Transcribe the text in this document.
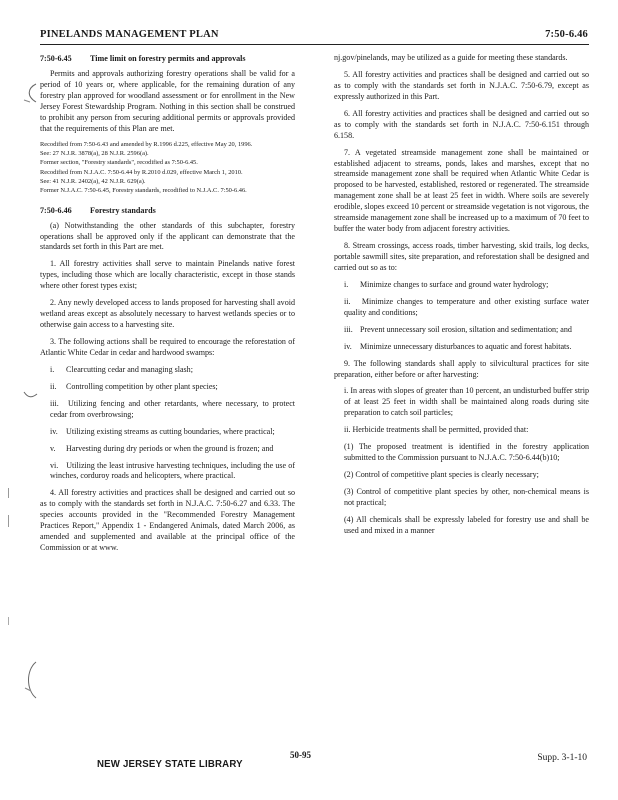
PINELANDS MANAGEMENT PLAN	7:50-6.46
7:50-6.45 Time limit on forestry permits and approvals

Permits and approvals authorizing forestry operations shall be valid for a period of 10 years or, where applicable, for the remaining duration of any forestry plan approved for woodland assessment or for enrollment in the New Jersey Forest Stewardship Program. Nothing in this section shall be construed to prohibit any person from securing additional permits or approvals provided that the requirements of this Plan are met.

Recodified from 7:50-6.43 and amended by R.1996 d.225, effective May 20, 1996.
See: 27 N.J.R. 3878(a), 28 N.J.R. 2596(a).
Former section, "Forestry standards", recodified as 7:50-6.45.
Recodified from N.J.A.C. 7:50-6.44 by R.2010 d.029, effective March 1, 2010.
See: 41 N.J.R. 2402(a), 42 N.J.R. 629(a).
Former N.J.A.C. 7:50-6.45, Forestry standards, recodified to N.J.A.C. 7:50-6.46.
7:50-6.46 Forestry standards

(a) Notwithstanding the other standards of this subchapter, forestry operations shall be approved only if the applicant can demonstrate that the standards set forth in this Part are met.

1. All forestry activities shall serve to maintain Pinelands native forest types, including those which are locally characteristic, except in those stands where other forest types exist;

2. Any newly developed access to lands proposed for harvesting shall avoid wetland areas except as absolutely necessary to harvest wetlands species or to otherwise gain access to a harvesting site.

3. The following actions shall be required to encourage the reforestation of Atlantic White Cedar in cedar and hardwood swamps:

i. Clearcutting cedar and managing slash;

ii. Controlling competition by other plant species;

iii. Utilizing fencing and other retardants, where necessary, to protect cedar from overbrowsing;

iv. Utilizing existing streams as cutting boundaries, where practical;

v. Harvesting during dry periods or when the ground is frozen; and

vi. Utilizing the least intrusive harvesting techniques, including the use of winches, corduroy roads and helicopters, where practical.

4. All forestry activities and practices shall be designed and carried out so as to comply with the standards set forth in N.J.A.C. 7:50-6.27 and 6.33. The species accounts provided in the "Recommended Forestry Management Practices Report," Appendix 1 - Endangered Animals, dated March 2006, as amended and supplemented and available at the principal office of the Commission or at www.

nj.gov/pinelands, may be utilized as a guide for meeting these standards.

5. All forestry activities and practices shall be designed and carried out so as to comply with the standards set forth in N.J.A.C. 7:50-6.79, except as expressly authorized in this Part.

6. All forestry activities and practices shall be designed and carried out so as to comply with the standards set forth in N.J.A.C. 7:50-6.151 through 6.158.

7. A vegetated streamside management zone shall be maintained or established adjacent to streams, ponds, lakes and marshes, except that no streamside management zone shall be required when Atlantic White Cedar is proposed to be harvested, established, restored or regenerated. The streamside management zone shall be at least 25 feet in width. Where soils are severely erodible, slopes exceed 10 percent or streamside vegetation is not vigorous, the streamside management zone shall be increased up to a maximum of 70 feet to buffer the water body from adjacent forestry activities.

8. Stream crossings, access roads, timber harvesting, skid trails, log decks, portable sawmill sites, site preparation, and reforestation shall be designed and carried out so as to:

i. Minimize changes to surface and ground water hydrology;

ii. Minimize changes to temperature and other existing surface water quality and conditions;

iii. Prevent unnecessary soil erosion, siltation and sedimentation; and

iv. Minimize unnecessary disturbances to aquatic and forest habitats.

9. The following standards shall apply to silvicultural practices for site preparation, either before or after harvesting:

i. In areas with slopes of greater than 10 percent, an undisturbed buffer strip of at least 25 feet in width shall be maintained along roads during site preparation to catch soil particles;

ii. Herbicide treatments shall be permitted, provided that:

(1) The proposed treatment is identified in the forestry application submitted to the Commission pursuant to N.J.A.C. 7:50-6.44(b)10;

(2) Control of competitive plant species is clearly necessary;

(3) Control of competitive plant species by other, non-chemical means is not practical;

(4) All chemicals shall be expressly labeled for forestry use and shall be used and mixed in a manner

NEW JERSEY STATE LIBRARY
50-95	Supp. 3-1-10
